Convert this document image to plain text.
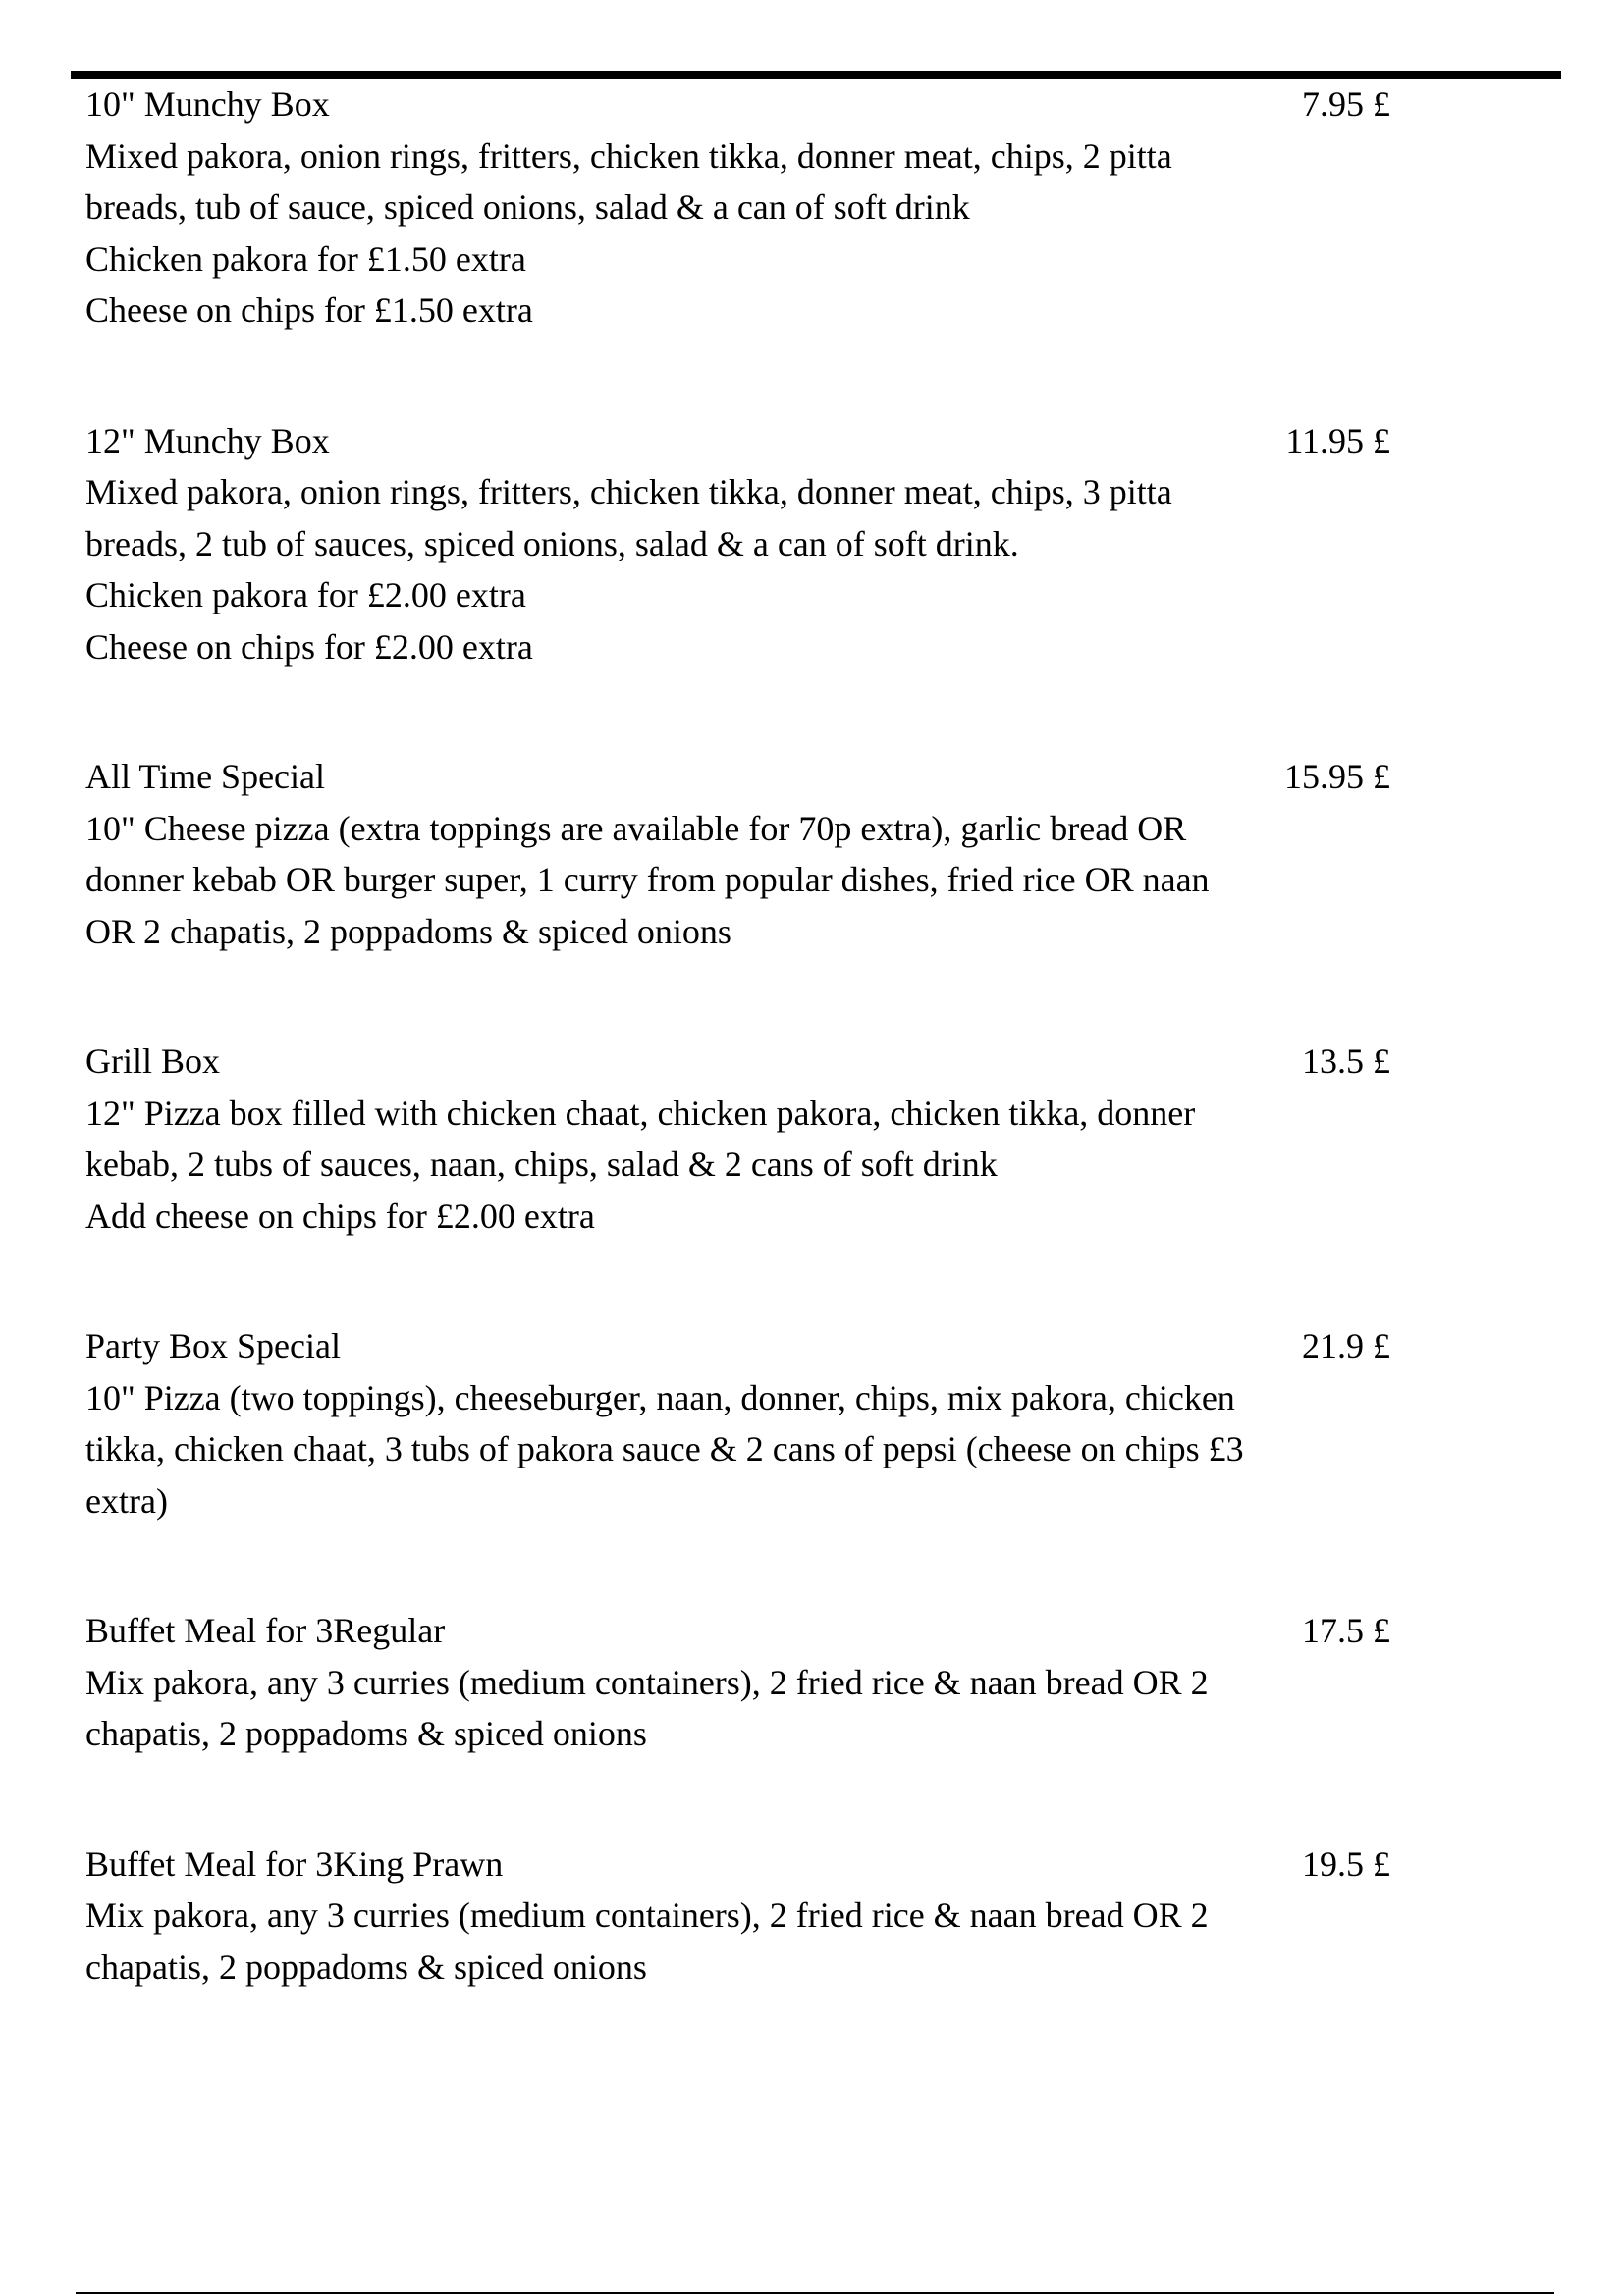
10" Munchy Box
Mixed pakora, onion rings, fritters, chicken tikka, donner meat, chips, 2 pitta breads, tub of sauce, spiced onions, salad & a can of soft drink
Chicken pakora for £1.50 extra
Cheese on chips for £1.50 extra
7.95 £
12" Munchy Box
Mixed pakora, onion rings, fritters, chicken tikka, donner meat, chips, 3 pitta breads, 2 tub of sauces, spiced onions, salad & a can of soft drink.
Chicken pakora for £2.00 extra
Cheese on chips for £2.00 extra
11.95 £
All Time Special
10" Cheese pizza (extra toppings are available for 70p extra), garlic bread OR donner kebab OR burger super, 1 curry from popular dishes, fried rice OR naan OR 2 chapatis, 2 poppadoms & spiced onions
15.95 £
Grill Box
12" Pizza box filled with chicken chaat, chicken pakora, chicken tikka, donner kebab, 2 tubs of sauces, naan, chips, salad & 2 cans of soft drink
Add cheese on chips for £2.00 extra
13.5 £
Party Box Special
10" Pizza (two toppings), cheeseburger, naan, donner, chips, mix pakora, chicken tikka, chicken chaat, 3 tubs of pakora sauce & 2 cans of pepsi (cheese on chips £3 extra)
21.9 £
Buffet Meal for 3Regular
Mix pakora, any 3 curries (medium containers), 2 fried rice & naan bread OR 2 chapatis, 2 poppadoms & spiced onions
17.5 £
Buffet Meal for 3King Prawn
Mix pakora, any 3 curries (medium containers), 2 fried rice & naan bread OR 2 chapatis, 2 poppadoms & spiced onions
19.5 £
